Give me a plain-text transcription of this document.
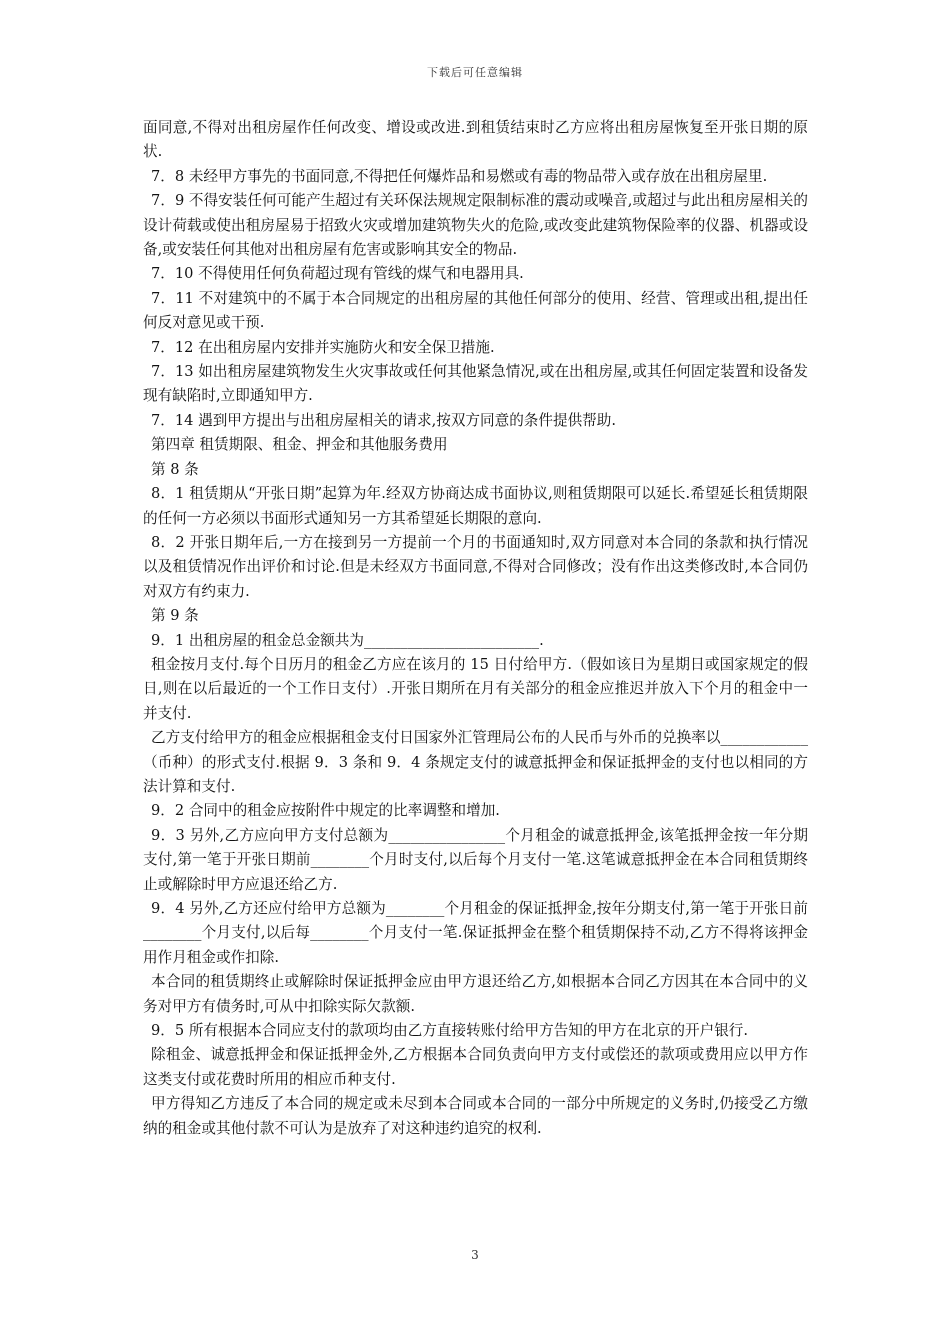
下载后可任意编辑

面同意,不得对出租房屋作任何改变、增设或改进.到租赁结束时乙方应将出租房屋恢复至开张日期的原状.

7．8 未经甲方事先的书面同意,不得把任何爆炸品和易燃或有毒的物品带入或存放在出租房屋里.

7．9 不得安装任何可能产生超过有关环保法规规定限制标准的震动或噪音,或超过与此出租房屋相关的设计荷载或使出租房屋易于招致火灾或增加建筑物失火的危险,或改变此建筑物保险率的仪器、机器或设备,或安装任何其他对出租房屋有危害或影响其安全的物品.

7．10 不得使用任何负荷超过现有管线的煤气和电器用具.

7．11 不对建筑中的不属于本合同规定的出租房屋的其他任何部分的使用、经营、管理或出租,提出任何反对意见或干预.

7．12 在出租房屋内安排并实施防火和安全保卫措施.

7．13 如出租房屋建筑物发生火灾事故或任何其他紧急情况,或在出租房屋,或其任何固定装置和设备发现有缺陷时,立即通知甲方.

7．14 遇到甲方提出与出租房屋相关的请求,按双方同意的条件提供帮助.

第四章 租赁期限、租金、押金和其他服务费用

第 8 条

8．1 租赁期从“开张日期”起算为年.经双方协商达成书面协议,则租赁期限可以延长.希望延长租赁期限的任何一方必须以书面形式通知另一方其希望延长期限的意向.

8．2 开张日期年后,一方在接到另一方提前一个月的书面通知时,双方同意对本合同的条款和执行情况以及租赁情况作出评价和讨论.但是未经双方书面同意,不得对合同修改；没有作出这类修改时,本合同仍对双方有约束力.

第 9 条

9．1 出租房屋的租金总金额共为________________________.

租金按月支付.每个日历月的租金乙方应在该月的 15 日付给甲方.（假如该日为星期日或国家规定的假日,则在以后最近的一个工作日支付）.开张日期所在月有关部分的租金应推迟并放入下个月的租金中一并支付.

乙方支付给甲方的租金应根据租金支付日国家外汇管理局公布的人民币与外币的兑换率以____________（币种）的形式支付.根据 9．3 条和 9．4 条规定支付的诚意抵押金和保证抵押金的支付也以相同的方法计算和支付.

9．2 合同中的租金应按附件中规定的比率调整和增加.

9．3 另外,乙方应向甲方支付总额为________________个月租金的诚意抵押金,该笔抵押金按一年分期支付,第一笔于开张日期前________个月时支付,以后每个月支付一笔.这笔诚意抵押金在本合同租赁期终止或解除时甲方应退还给乙方.

9．4 另外,乙方还应付给甲方总额为________个月租金的保证抵押金,按年分期支付,第一笔于开张日前________个月支付,以后每________个月支付一笔.保证抵押金在整个租赁期保持不动,乙方不得将该押金用作月租金或作扣除.

本合同的租赁期终止或解除时保证抵押金应由甲方退还给乙方,如根据本合同乙方因其在本合同中的义务对甲方有债务时,可从中扣除实际欠款额.

9．5 所有根据本合同应支付的款项均由乙方直接转账付给甲方告知的甲方在北京的开户银行.

除租金、诚意抵押金和保证抵押金外,乙方根据本合同负责向甲方支付或偿还的款项或费用应以甲方作这类支付或花费时所用的相应币种支付.

甲方得知乙方违反了本合同的规定或未尽到本合同或本合同的一部分中所规定的义务时,仍接受乙方缴纳的租金或其他付款不可认为是放弃了对这种违约追究的权利.

3
